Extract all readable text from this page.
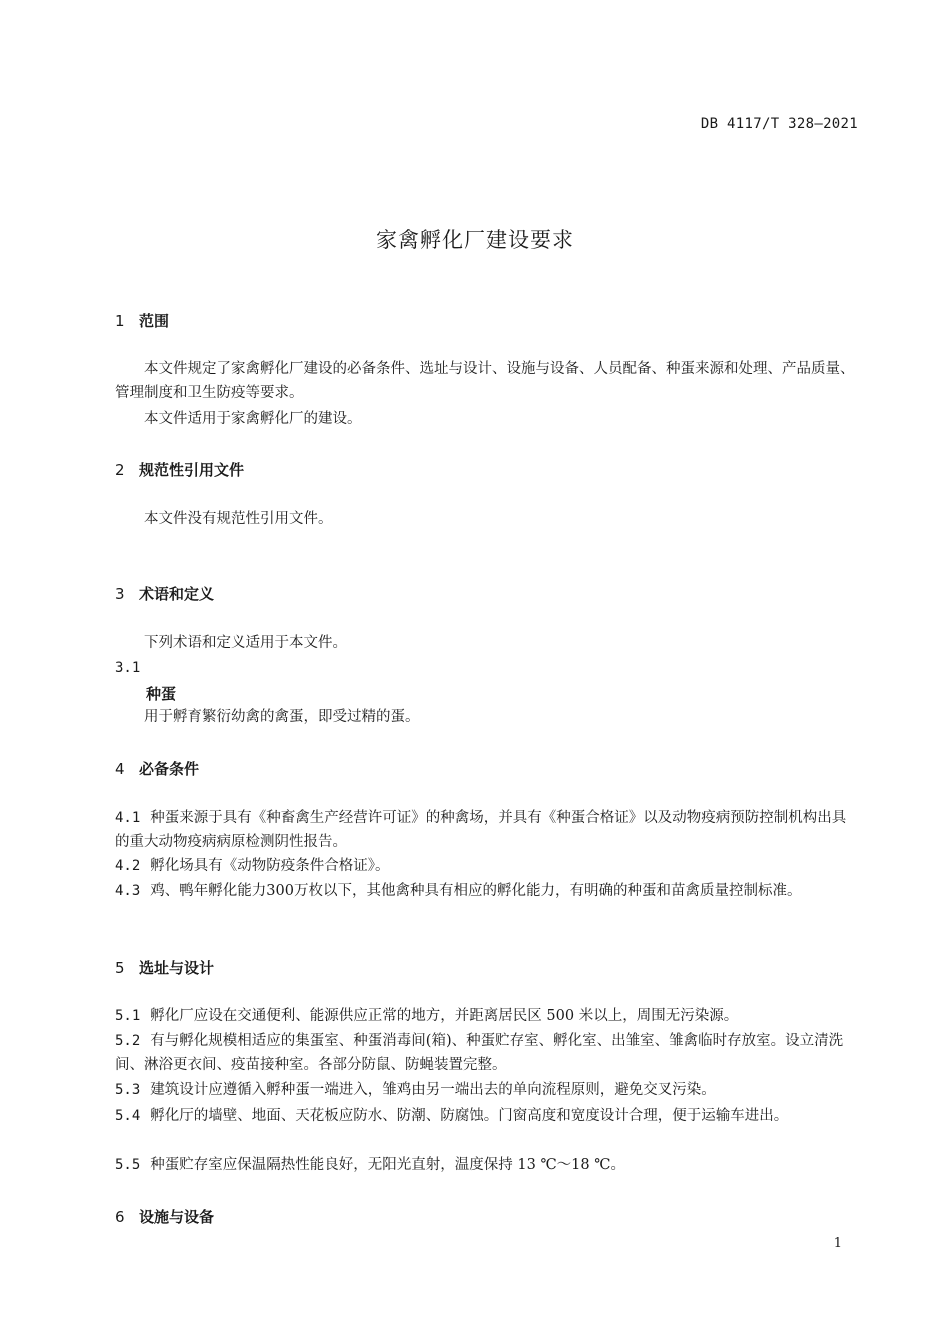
DB 4117/T 328—2021
家禽孵化厂建设要求
1 范围
本文件规定了家禽孵化厂建设的必备条件、选址与设计、设施与设备、人员配备、种蛋来源和处理、产品质量、管理制度和卫生防疫等要求。
本文件适用于家禽孵化厂的建设。
2 规范性引用文件
本文件没有规范性引用文件。
3 术语和定义
下列术语和定义适用于本文件。
3.1
种蛋
用于孵育繁衍幼禽的禽蛋，即受过精的蛋。
4 必备条件
4.1 种蛋来源于具有《种畜禽生产经营许可证》的种禽场，并具有《种蛋合格证》以及动物疫病预防控制机构出具的重大动物疫病病原检测阴性报告。
4.2 孵化场具有《动物防疫条件合格证》。
4.3 鸡、鸭年孵化能力300万枚以下，其他禽种具有相应的孵化能力，有明确的种蛋和苗禽质量控制标准。
5 选址与设计
5.1 孵化厂应设在交通便利、能源供应正常的地方，并距离居民区 500 米以上，周围无污染源。
5.2 有与孵化规模相适应的集蛋室、种蛋消毒间(箱)、种蛋贮存室、孵化室、出雏室、雏禽临时存放室。设立清洗间、淋浴更衣间、疫苗接种室。各部分防鼠、防蝇装置完整。
5.3 建筑设计应遵循入孵种蛋一端进入，雏鸡由另一端出去的单向流程原则，避免交叉污染。
5.4 孵化厅的墙壁、地面、天花板应防水、防潮、防腐蚀。门窗高度和宽度设计合理，便于运输车进出。
5.5 种蛋贮存室应保温隔热性能良好，无阳光直射，温度保持 13 ℃～18 ℃。
6 设施与设备
1
